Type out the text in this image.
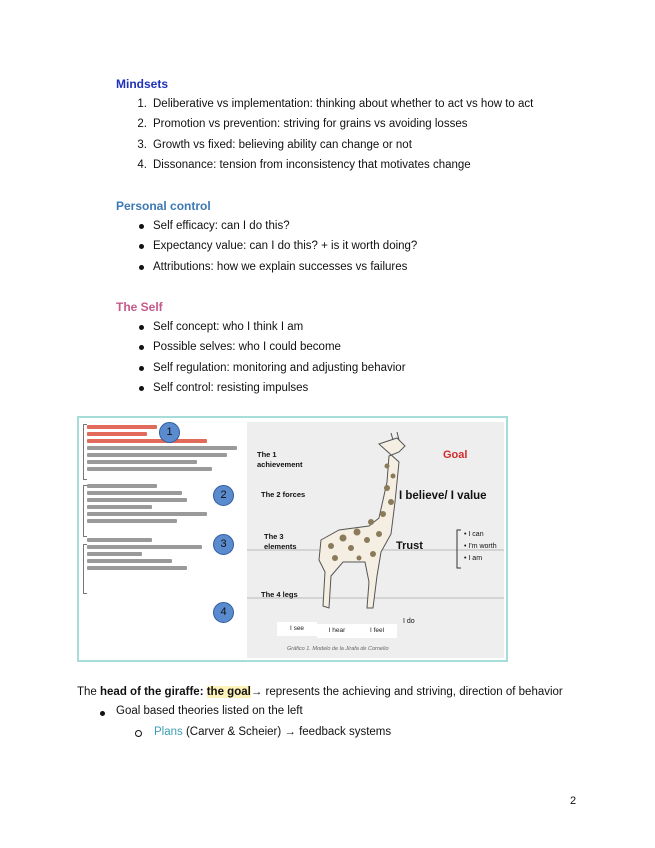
Mindsets
1. Deliberative vs implementation: thinking about whether to act vs how to act
2. Promotion vs prevention: striving for grains vs avoiding losses
3. Growth vs fixed: believing ability can change or not
4. Dissonance: tension from inconsistency that motivates change
Personal control
Self efficacy: can I do this?
Expectancy value: can I do this? + is it worth doing?
Attributions: how we explain successes vs failures
The Self
Self concept: who I think I am
Possible selves: who I could become
Self regulation: monitoring and adjusting behavior
Self control: resisting impulses
1
2
3
4
The 1
achievement
The 2 forces
The 3
elements
The 4 legs
Goal
I believe/ I value
Trust
• I can
• I'm worth
• I am
I do
I see	I hear	I feel
Gráfico 1. Modelo de la Jirafa de Cornelio

The head of the giraffe: the goal→ represents the achieving and striving, direction of behavior

Goal based theories listed on the left
Plans (Carver & Scheier) → feedback systems
2
